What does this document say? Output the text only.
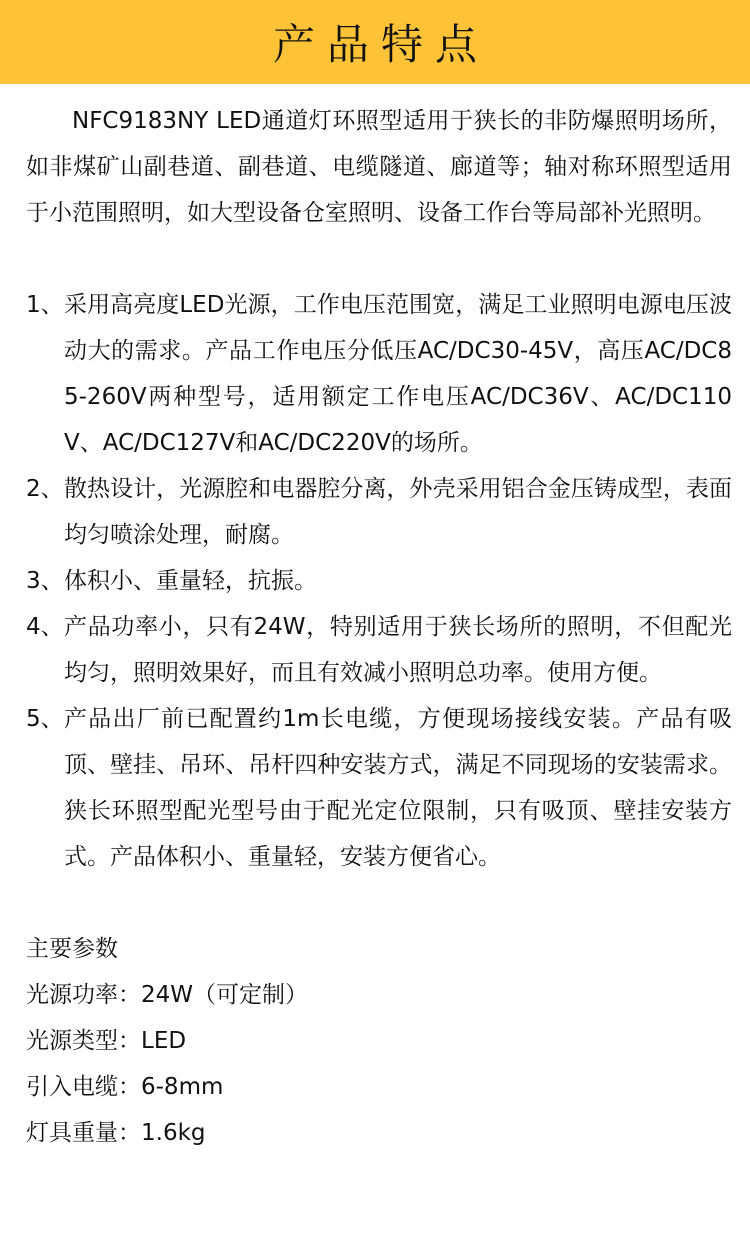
产品特点

NFC9183NY LED通道灯环照型适用于狭长的非防爆照明场所，如非煤矿山副巷道、副巷道、电缆隧道、廊道等；轴对称环照型适用于小范围照明，如大型设备仓室照明、设备工作台等局部补光照明。

1、 采用高亮度LED光源，工作电压范围宽，满足工业照明电源电压波动大的需求。产品工作电压分低压AC/DC30-45V，高压AC/DC85-260V两种型号，适用额定工作电压AC/DC36V、AC/DC110V、AC/DC127V和AC/DC220V的场所。
2、 散热设计，光源腔和电器腔分离，外壳采用铝合金压铸成型，表面均匀喷涂处理，耐腐。
3、 体积小、重量轻，抗振。
4、 产品功率小，只有24W，特别适用于狭长场所的照明，不但配光均匀，照明效果好，而且有效减小照明总功率。使用方便。
5、 产品出厂前已配置约1m长电缆，方便现场接线安装。产品有吸顶、壁挂、吊环、吊杆四种安装方式，满足不同现场的安装需求。狭长环照型配光型号由于配光定位限制，只有吸顶、壁挂安装方式。产品体积小、重量轻，安装方便省心。
主要参数
光源功率：24W（可定制）
光源类型：LED
引入电缆：6-8mm
灯具重量：1.6kg
